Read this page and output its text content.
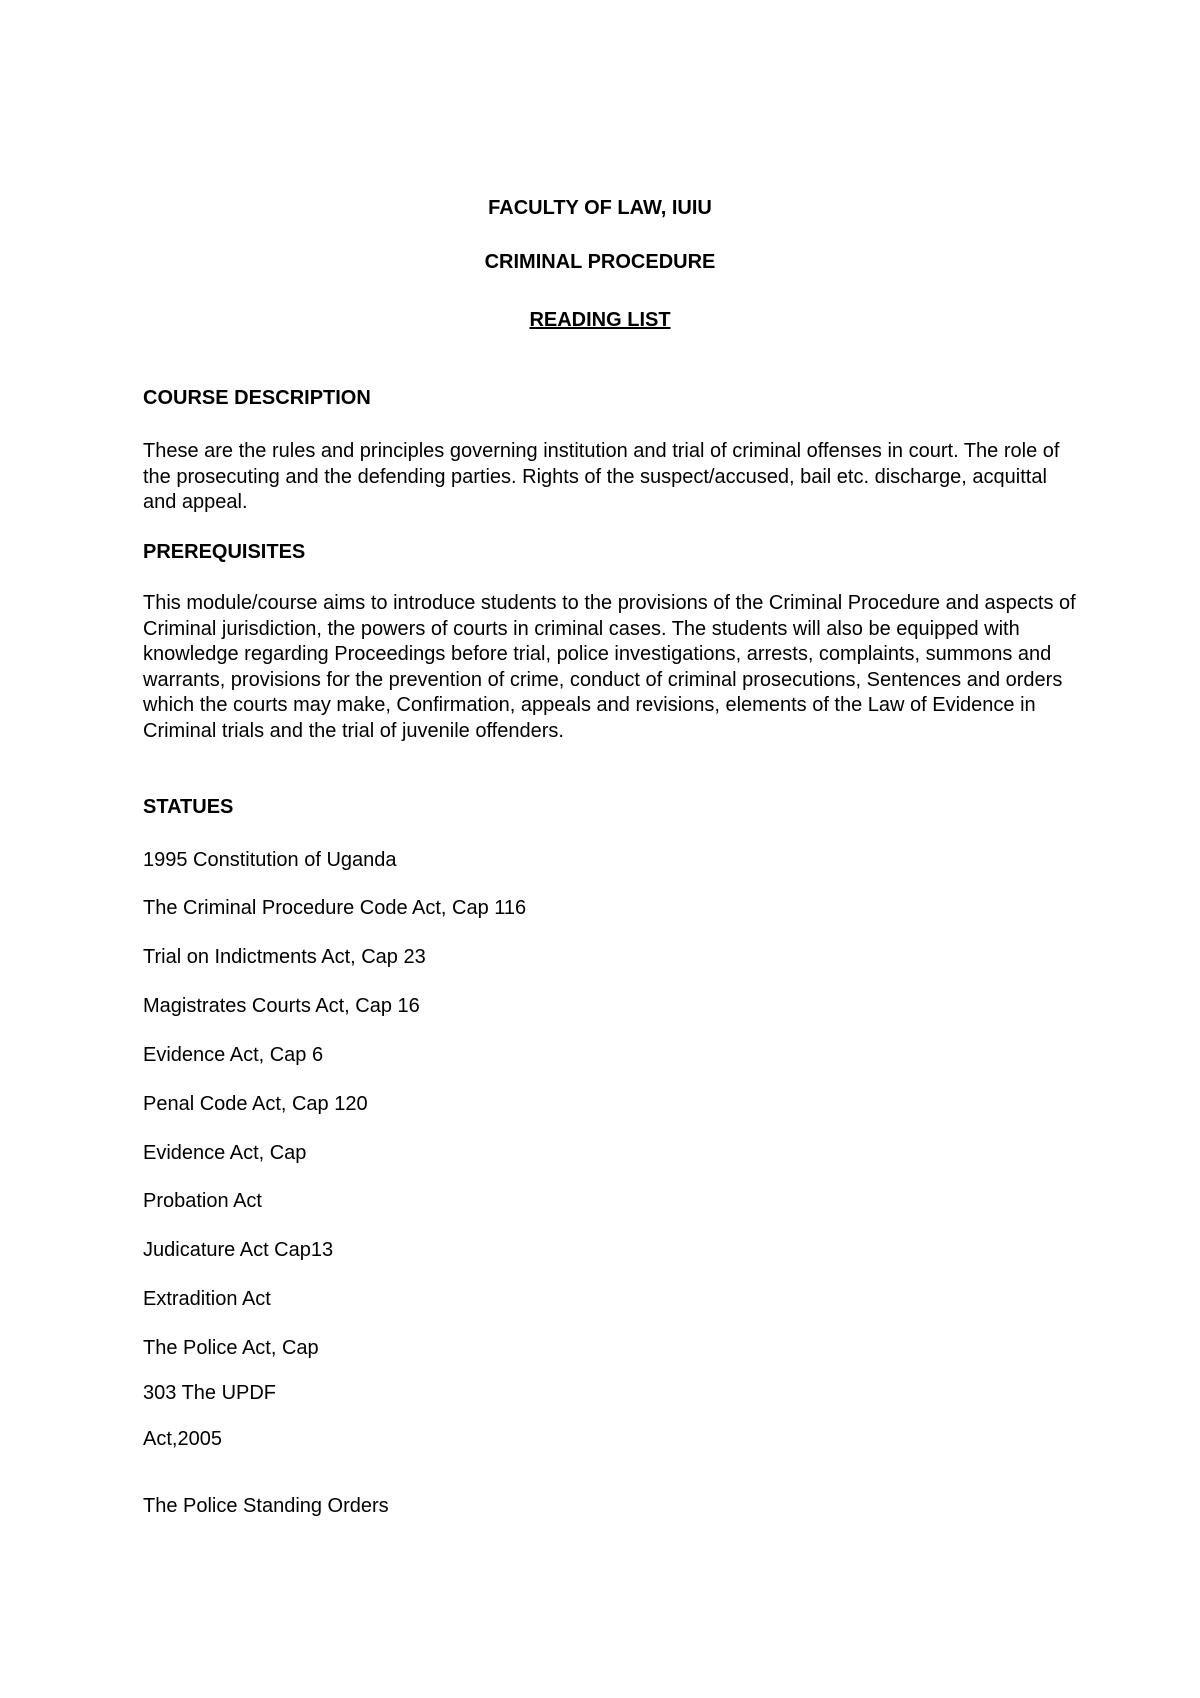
FACULTY OF LAW, IUIU
CRIMINAL PROCEDURE
READING LIST
COURSE DESCRIPTION
These are the rules and principles governing institution and trial of criminal offenses in court. The role of the prosecuting and the defending parties. Rights of the suspect/accused, bail etc. discharge, acquittal and appeal.
PREREQUISITES
This module/course aims to introduce students to the provisions of the Criminal Procedure and aspects of Criminal jurisdiction, the powers of courts in criminal cases. The students will also be equipped with knowledge regarding Proceedings before trial, police investigations, arrests, complaints, summons and warrants, provisions for the prevention of crime, conduct of criminal prosecutions, Sentences and orders which the courts may make, Confirmation, appeals and revisions, elements of the Law of Evidence in Criminal trials and the trial of juvenile offenders.
STATUES
1995 Constitution of Uganda
The Criminal Procedure Code Act, Cap 116
Trial on Indictments Act, Cap 23
Magistrates Courts Act, Cap 16
Evidence Act, Cap 6
Penal Code Act, Cap 120
Evidence Act, Cap
Probation Act
Judicature Act Cap13
Extradition Act
The Police Act, Cap
303 The UPDF
Act,2005
The Police Standing Orders
